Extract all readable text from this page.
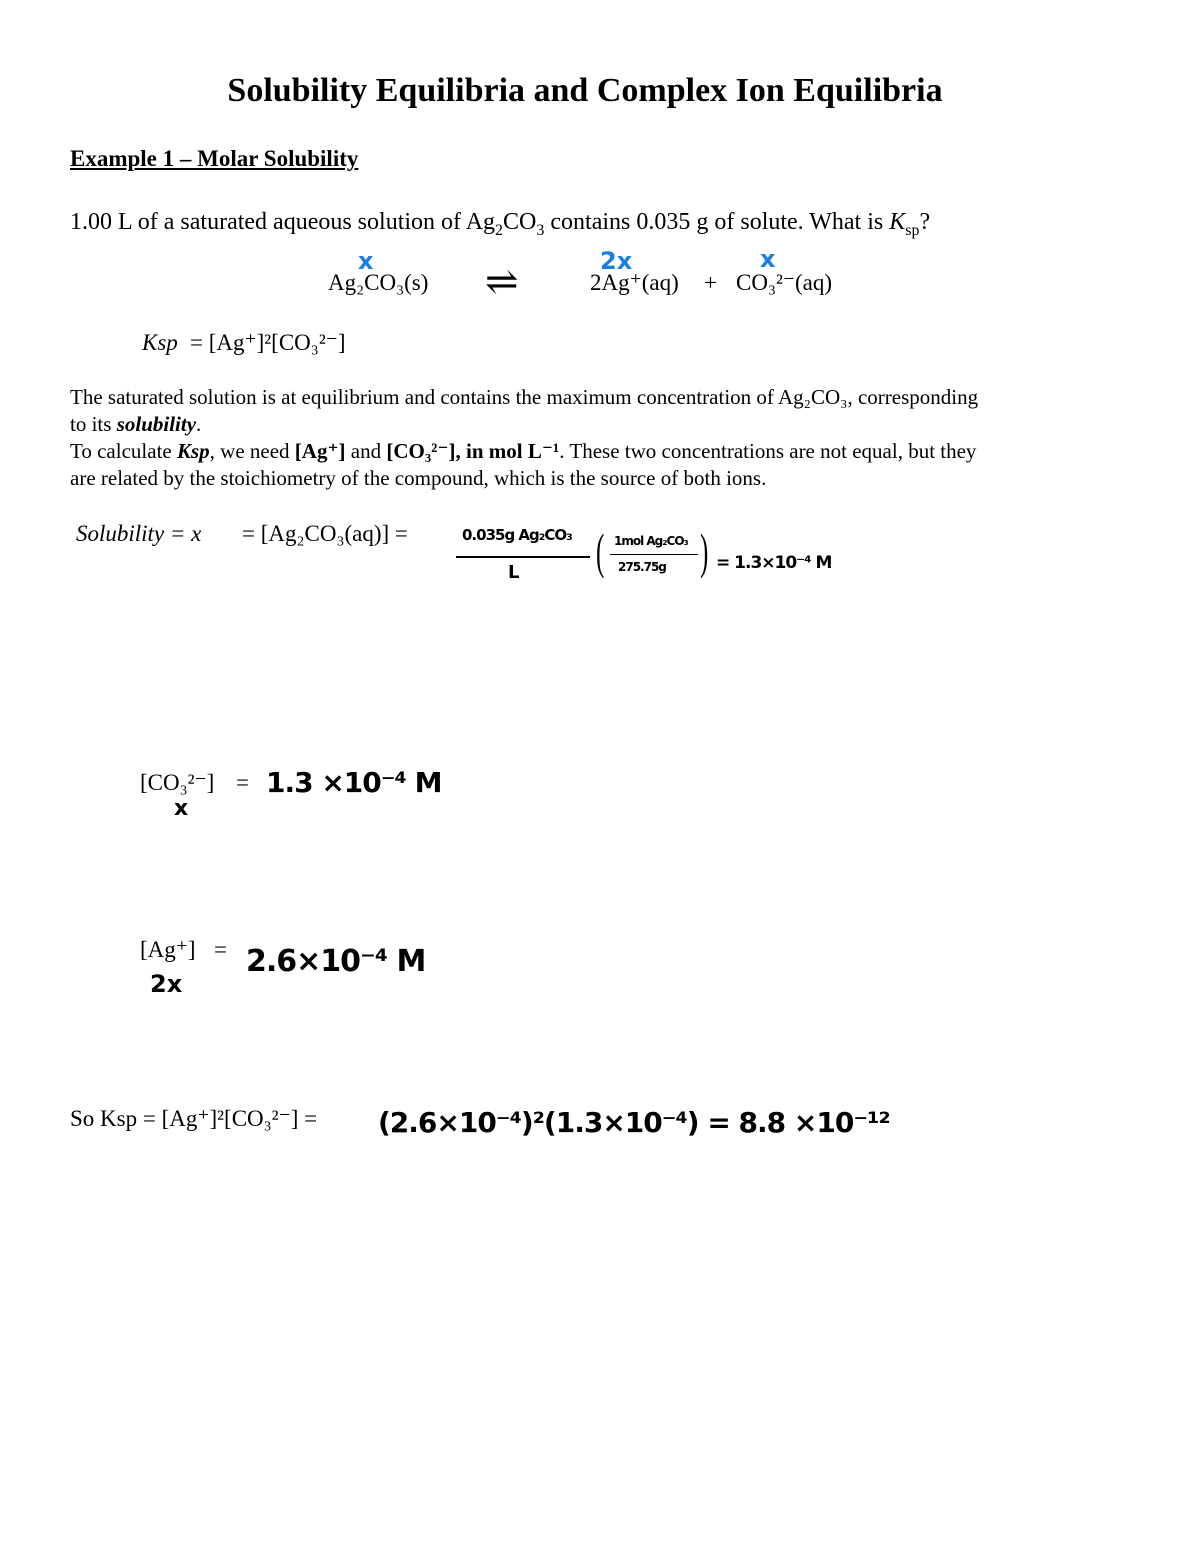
Solubility Equilibria and Complex Ion Equilibria
Example 1 – Molar Solubility
1.00 L of a saturated aqueous solution of $Ag_2CO_3$ contains 0.035 g of solute. What is $K_{sp}$?
x	2x	x
Ag₂CO₃(s) ⇌	2Ag⁺(aq) + CO₃²⁻(aq)
Ksp = [Ag⁺]²[CO₃²⁻]
The saturated solution is at equilibrium and contains the maximum concentration of Ag₂CO₃, corresponding
to its solubility.
To calculate Ksp, we need [Ag⁺] and [CO₃²⁻], in mol L⁻¹. These two concentrations are not equal, but they
are related by the stoichiometry of the compound, which is the source of both ions.
Solubility = x = [Ag₂CO₃(aq)] =	0.035g Ag₂CO₃
L ( 1mol Ag₂CO₃
275.75g ) = 1.3×10⁻⁴ M
[CO₃²⁻] = 1.3 ×10⁻⁴ M
x
[Ag⁺] = 2.6×10⁻⁴ M
2x
So Ksp = [Ag⁺]²[CO₃²⁻] = (2.6×10⁻⁴)²(1.3×10⁻⁴) = 8.8 ×10⁻¹²
